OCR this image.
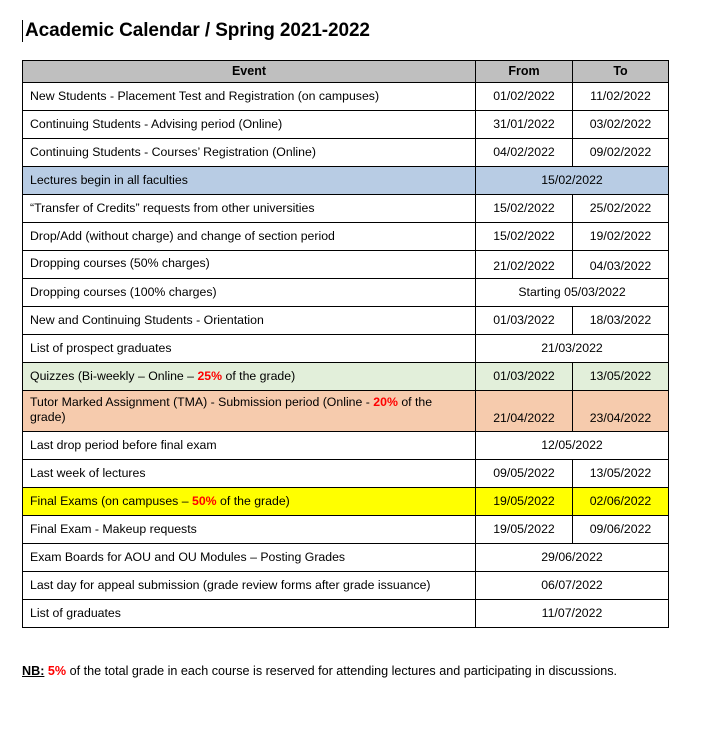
Academic Calendar / Spring 2021-2022
Event	From	To
New Students - Placement Test and Registration (on campuses)	01/02/2022	11/02/2022
Continuing Students - Advising period (Online)	31/01/2022	03/02/2022
Continuing Students - Courses’ Registration (Online)	04/02/2022	09/02/2022
Lectures begin in all faculties	15/02/2022	
“Transfer of Credits” requests from other universities	15/02/2022	25/02/2022
Drop/Add (without charge) and change of section period	15/02/2022	19/02/2022
Dropping courses (50% charges)	21/02/2022	04/03/2022
Dropping courses (100% charges)	Starting 05/03/2022	
New and Continuing Students - Orientation	01/03/2022	18/03/2022
List of prospect graduates	21/03/2022	
Quizzes (Bi-weekly – Online – 25% of the grade)	01/03/2022	13/05/2022
Tutor Marked Assignment (TMA) - Submission period (Online - 20% of the grade)	21/04/2022	23/04/2022
Last drop period before final exam	12/05/2022	
Last week of lectures	09/05/2022	13/05/2022
Final Exams (on campuses – 50% of the grade)	19/05/2022	02/06/2022
Final Exam - Makeup requests	19/05/2022	09/06/2022
Exam Boards for AOU and OU Modules – Posting Grades	29/06/2022	
Last day for appeal submission (grade review forms after grade issuance)	06/07/2022	
List of graduates	11/07/2022	
NB: 5% of the total grade in each course is reserved for attending lectures and participating in discussions.
